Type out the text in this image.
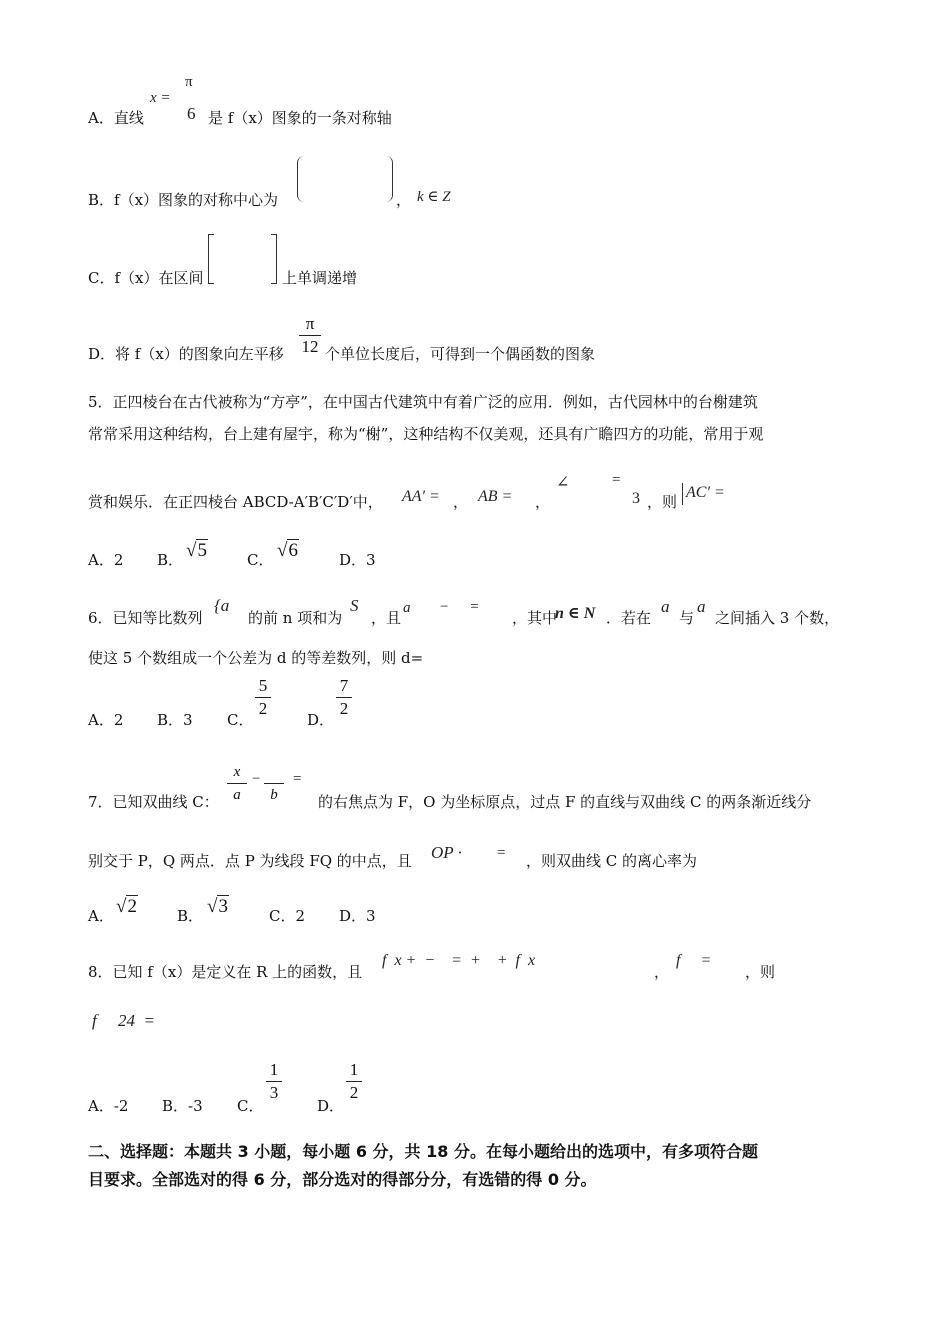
A．直线
x =
π
6 是 f（x）图象的一条对称轴
B．f（x）图象的对称中心为	， k ∈ Z
C．f（x）在区间	上单调递增
D．将 f（x）的图象向左平移
π
12 个单位长度后，可得到一个偶函数的图象
5．正四棱台在古代被称为“方亭”，在中国古代建筑中有着广泛的应用．例如，古代园林中的台榭建筑
常常采用这种结构，台上建有屋宇，称为“榭”，这种结构不仅美观，还具有广瞻四方的功能，常用于观
赏和娱乐．在正四棱台 ABCD-A′B′C′D′中， AA′ = ， AB = ，
∠	=
3 ，则
AC′ =
A．2 B． √5	C． √6	D．3
6．已知等比数列
{a
的前 n 项和为
S
，且
a − =
，其中
n ∈ N ．若在
a
与
a
之间插入 3 个数，
使这 5 个数组成一个公差为 d 的等差数列，则 d=
A．2 B．3 C．
5
2
D．
7
2
7．已知双曲线 C：
x
a
−

b
=
的右焦点为 F，O 为坐标原点，过点 F 的直线与双曲线 C 的两条渐近线分
别交于 P，Q 两点．点 P 为线段 FQ 的中点，且 OP · = ，则双曲线 C 的离心率为
A． √2	B． √3	C．2 D．3
8．已知 f（x）是定义在 R 上的函数，且
f  x +  −    =  +    +  f  x
，
f     =
，则
f     24  =
A．-2 B．-3 C．
1
3
D．
1
2
二、选择题：本题共 3 小题，每小题 6 分，共 18 分。在每小题给出的选项中，有多项符合题
目要求。全部选对的得 6 分，部分选对的得部分分，有选错的得 0 分。
